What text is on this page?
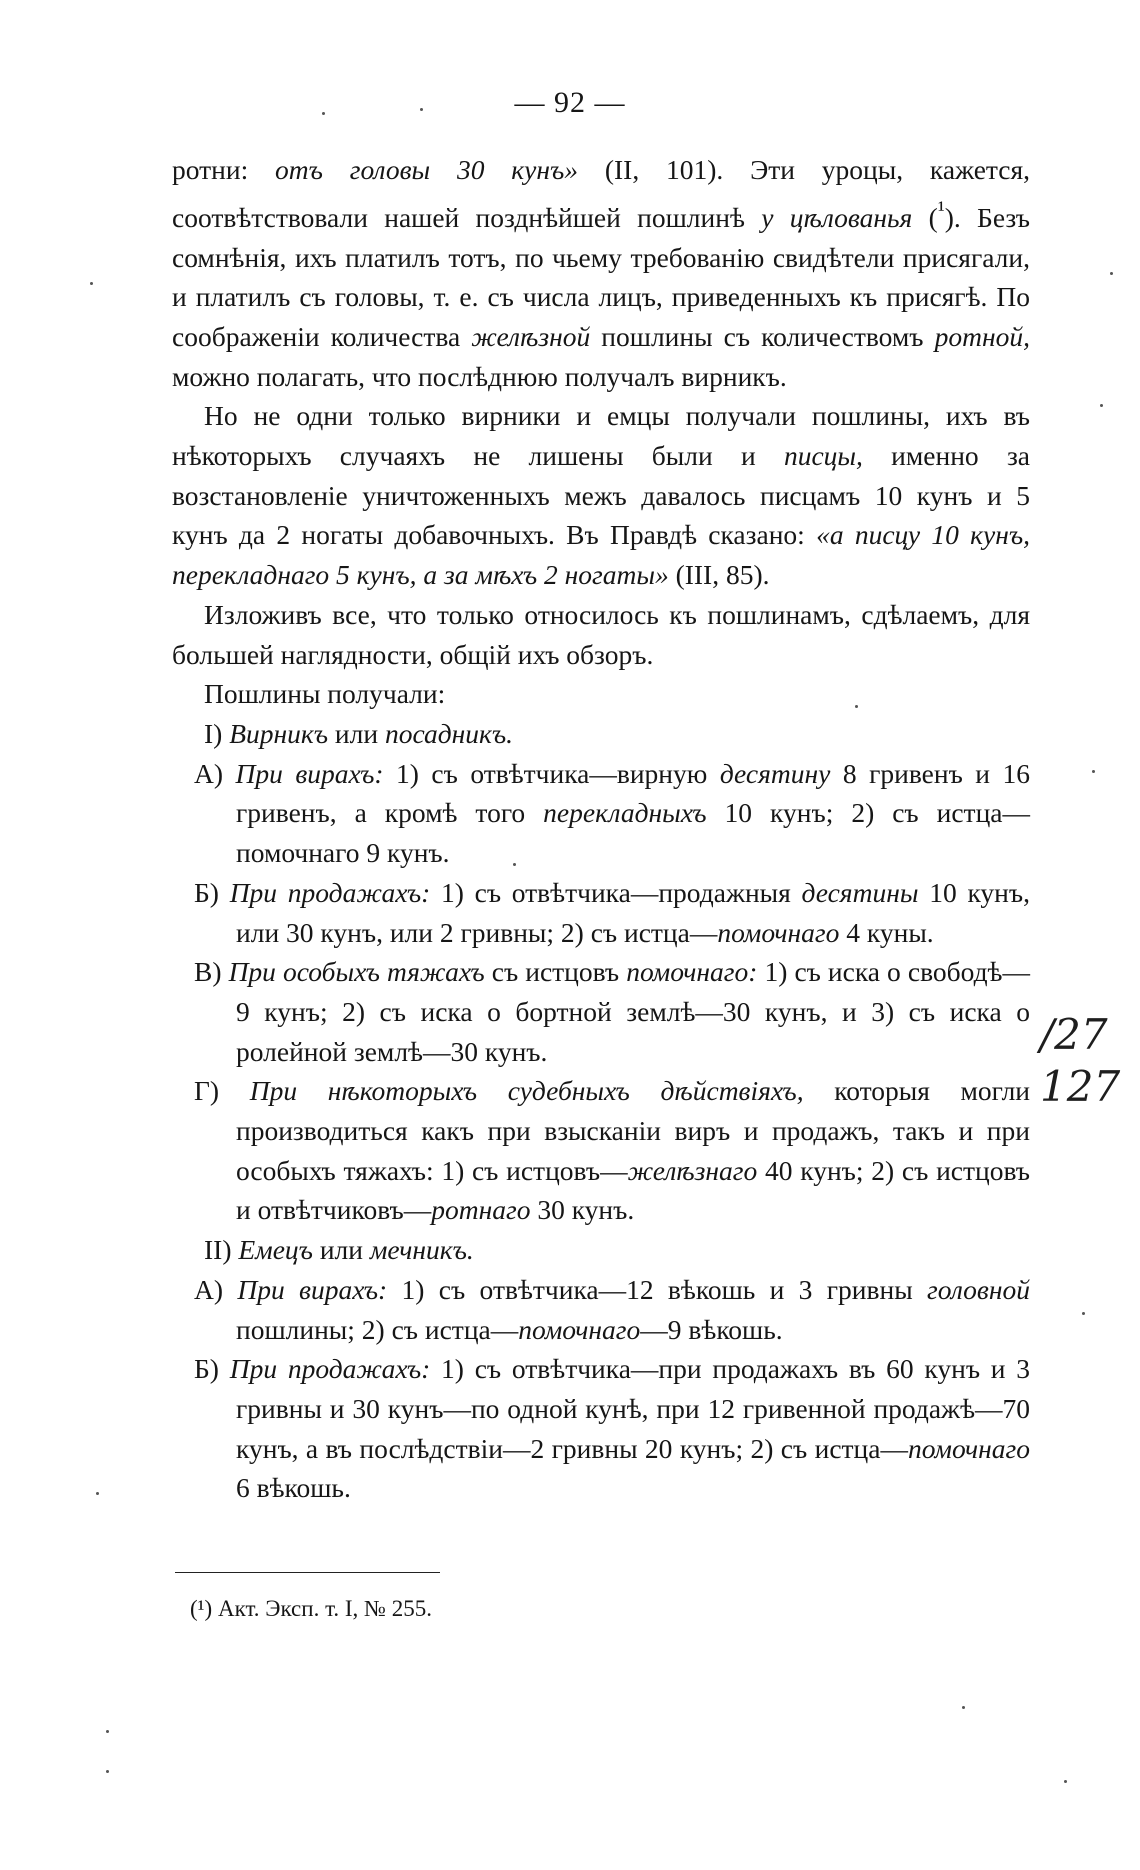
— 92 —

ротни: отъ головы 30 кунъ» (II, 101). Эти уроцы, кажется, соотвѣтствовали нашей позднѣйшей пошлинѣ у цѣлованья ($^{^1}$). Безъ сомнѣнія, ихъ платилъ тотъ, по чьему требованію свидѣтели присягали, и платилъ съ головы, т. е. съ числа лицъ, приведенныхъ къ присягѣ. По соображеніи количества желѣзной пошлины съ количествомъ ротной, можно полагать, что послѣднюю получалъ вирникъ.

Но не одни только вирники и емцы получали пошлины, ихъ въ нѣкоторыхъ случаяхъ не лишены были и писцы, именно за возстановленіе уничтоженныхъ межъ давалось писцамъ 10 кунъ и 5 кунъ да 2 ногаты добавочныхъ. Въ Правдѣ сказано: «а писцу 10 кунъ, перекладнаго 5 кунъ, а за мѣхъ 2 ногаты» (III, 85).

Изложивъ все, что только относилось къ пошлинамъ, сдѣлаемъ, для большей наглядности, общій ихъ обзоръ.

Пошлины получали:

I) Вирникъ или посадникъ.

А) При вирахъ: 1) съ отвѣтчика—вирную десятину 8 гривенъ и 16 гривенъ, а кромѣ того перекладныхъ 10 кунъ; 2) съ истца—помочнаго 9 кунъ.

Б) При продажахъ: 1) съ отвѣтчика—продажныя десятины 10 кунъ, или 30 кунъ, или 2 гривны; 2) съ истца—помочнаго 4 куны.

В) При особыхъ тяжахъ съ истцовъ помочнаго: 1) съ иска о свободѣ—9 кунъ; 2) съ иска о бортной землѣ—30 кунъ, и 3) съ иска о ролейной землѣ—30 кунъ.

Г) При нѣкоторыхъ судебныхъ дѣйствіяхъ, которыя могли производиться какъ при взысканіи виръ и продажъ, такъ и при особыхъ тяжахъ: 1) съ истцовъ—желѣзнаго 40 кунъ; 2) съ истцовъ и отвѣтчиковъ—ротнаго 30 кунъ.

II) Емецъ или мечникъ.

А) При вирахъ: 1) съ отвѣтчика—12 вѣкошь и 3 гривны головной пошлины; 2) съ истца—помочнаго—9 вѣкошь.

Б) При продажахъ: 1) съ отвѣтчика—при продажахъ въ 60 кунъ и 3 гривны и 30 кунъ—по одной кунѣ, при 12 гривенной продажѣ—70 кунъ, а въ послѣдствіи—2 гривны 20 кунъ; 2) съ истца—помочнаго 6 вѣкошь.

(¹) Акт. Эксп. т. I, № 255.
/27
127
